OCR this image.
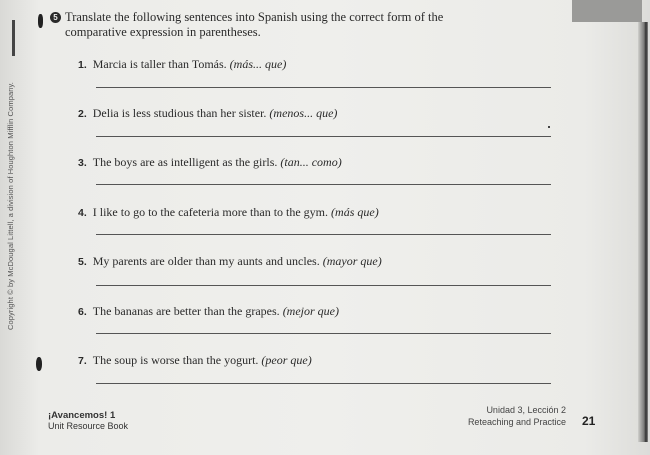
Copyright © by McDougal Littell, a division of Houghton Mifflin Company.
5 Translate the following sentences into Spanish using the correct form of the
comparative expression in parentheses.
1. Marcia is taller than Tomás. (más... que)
2. Delia is less studious than her sister. (menos... que)
3. The boys are as intelligent as the girls. (tan... como)
4. I like to go to the cafeteria more than to the gym. (más que)
5. My parents are older than my aunts and uncles. (mayor que)
6. The bananas are better than the grapes. (mejor que)
7. The soup is worse than the yogurt. (peor que)
¡Avancemos! 1
Unit Resource Book
Unidad 3, Lección 2
Reteaching and Practice 21
